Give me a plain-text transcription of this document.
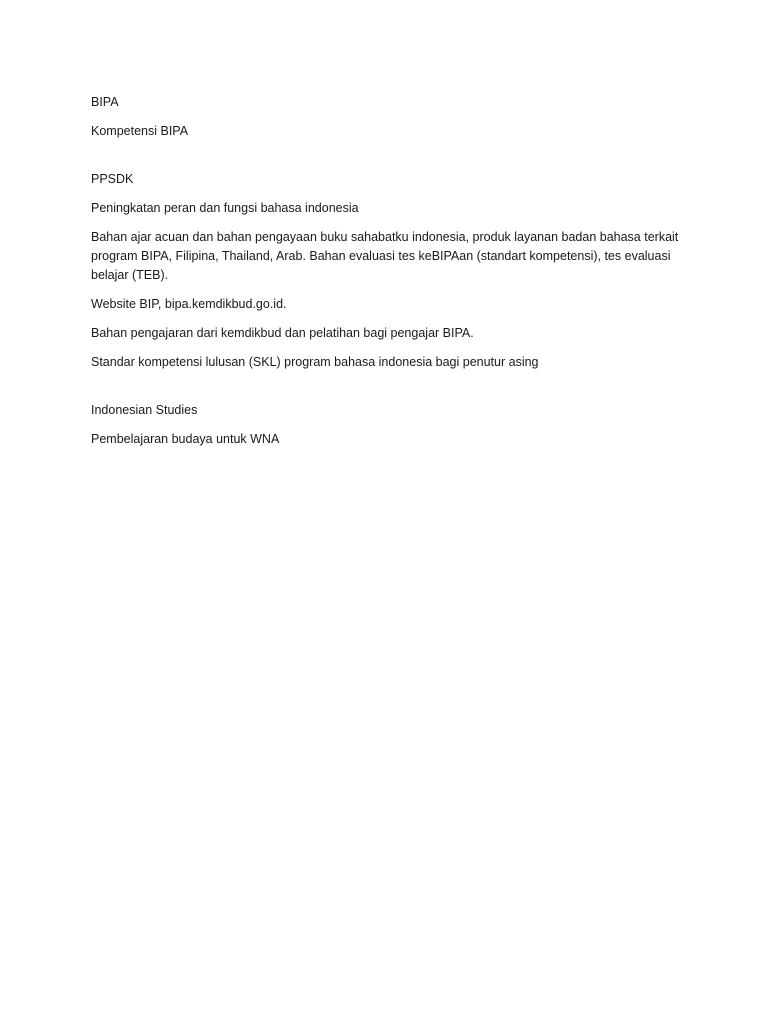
BIPA

Kompetensi BIPA

PPSDK

Peningkatan peran dan fungsi bahasa indonesia

Bahan ajar acuan dan bahan pengayaan buku sahabatku indonesia, produk layanan badan bahasa terkait program BIPA, Filipina, Thailand, Arab. Bahan evaluasi tes keBIPAan (standart kompetensi), tes evaluasi belajar (TEB).

Website BIP, bipa.kemdikbud.go.id.

Bahan pengajaran dari kemdikbud dan pelatihan bagi pengajar BIPA.

Standar kompetensi lulusan (SKL) program bahasa indonesia bagi penutur asing

Indonesian Studies

Pembelajaran budaya untuk WNA
